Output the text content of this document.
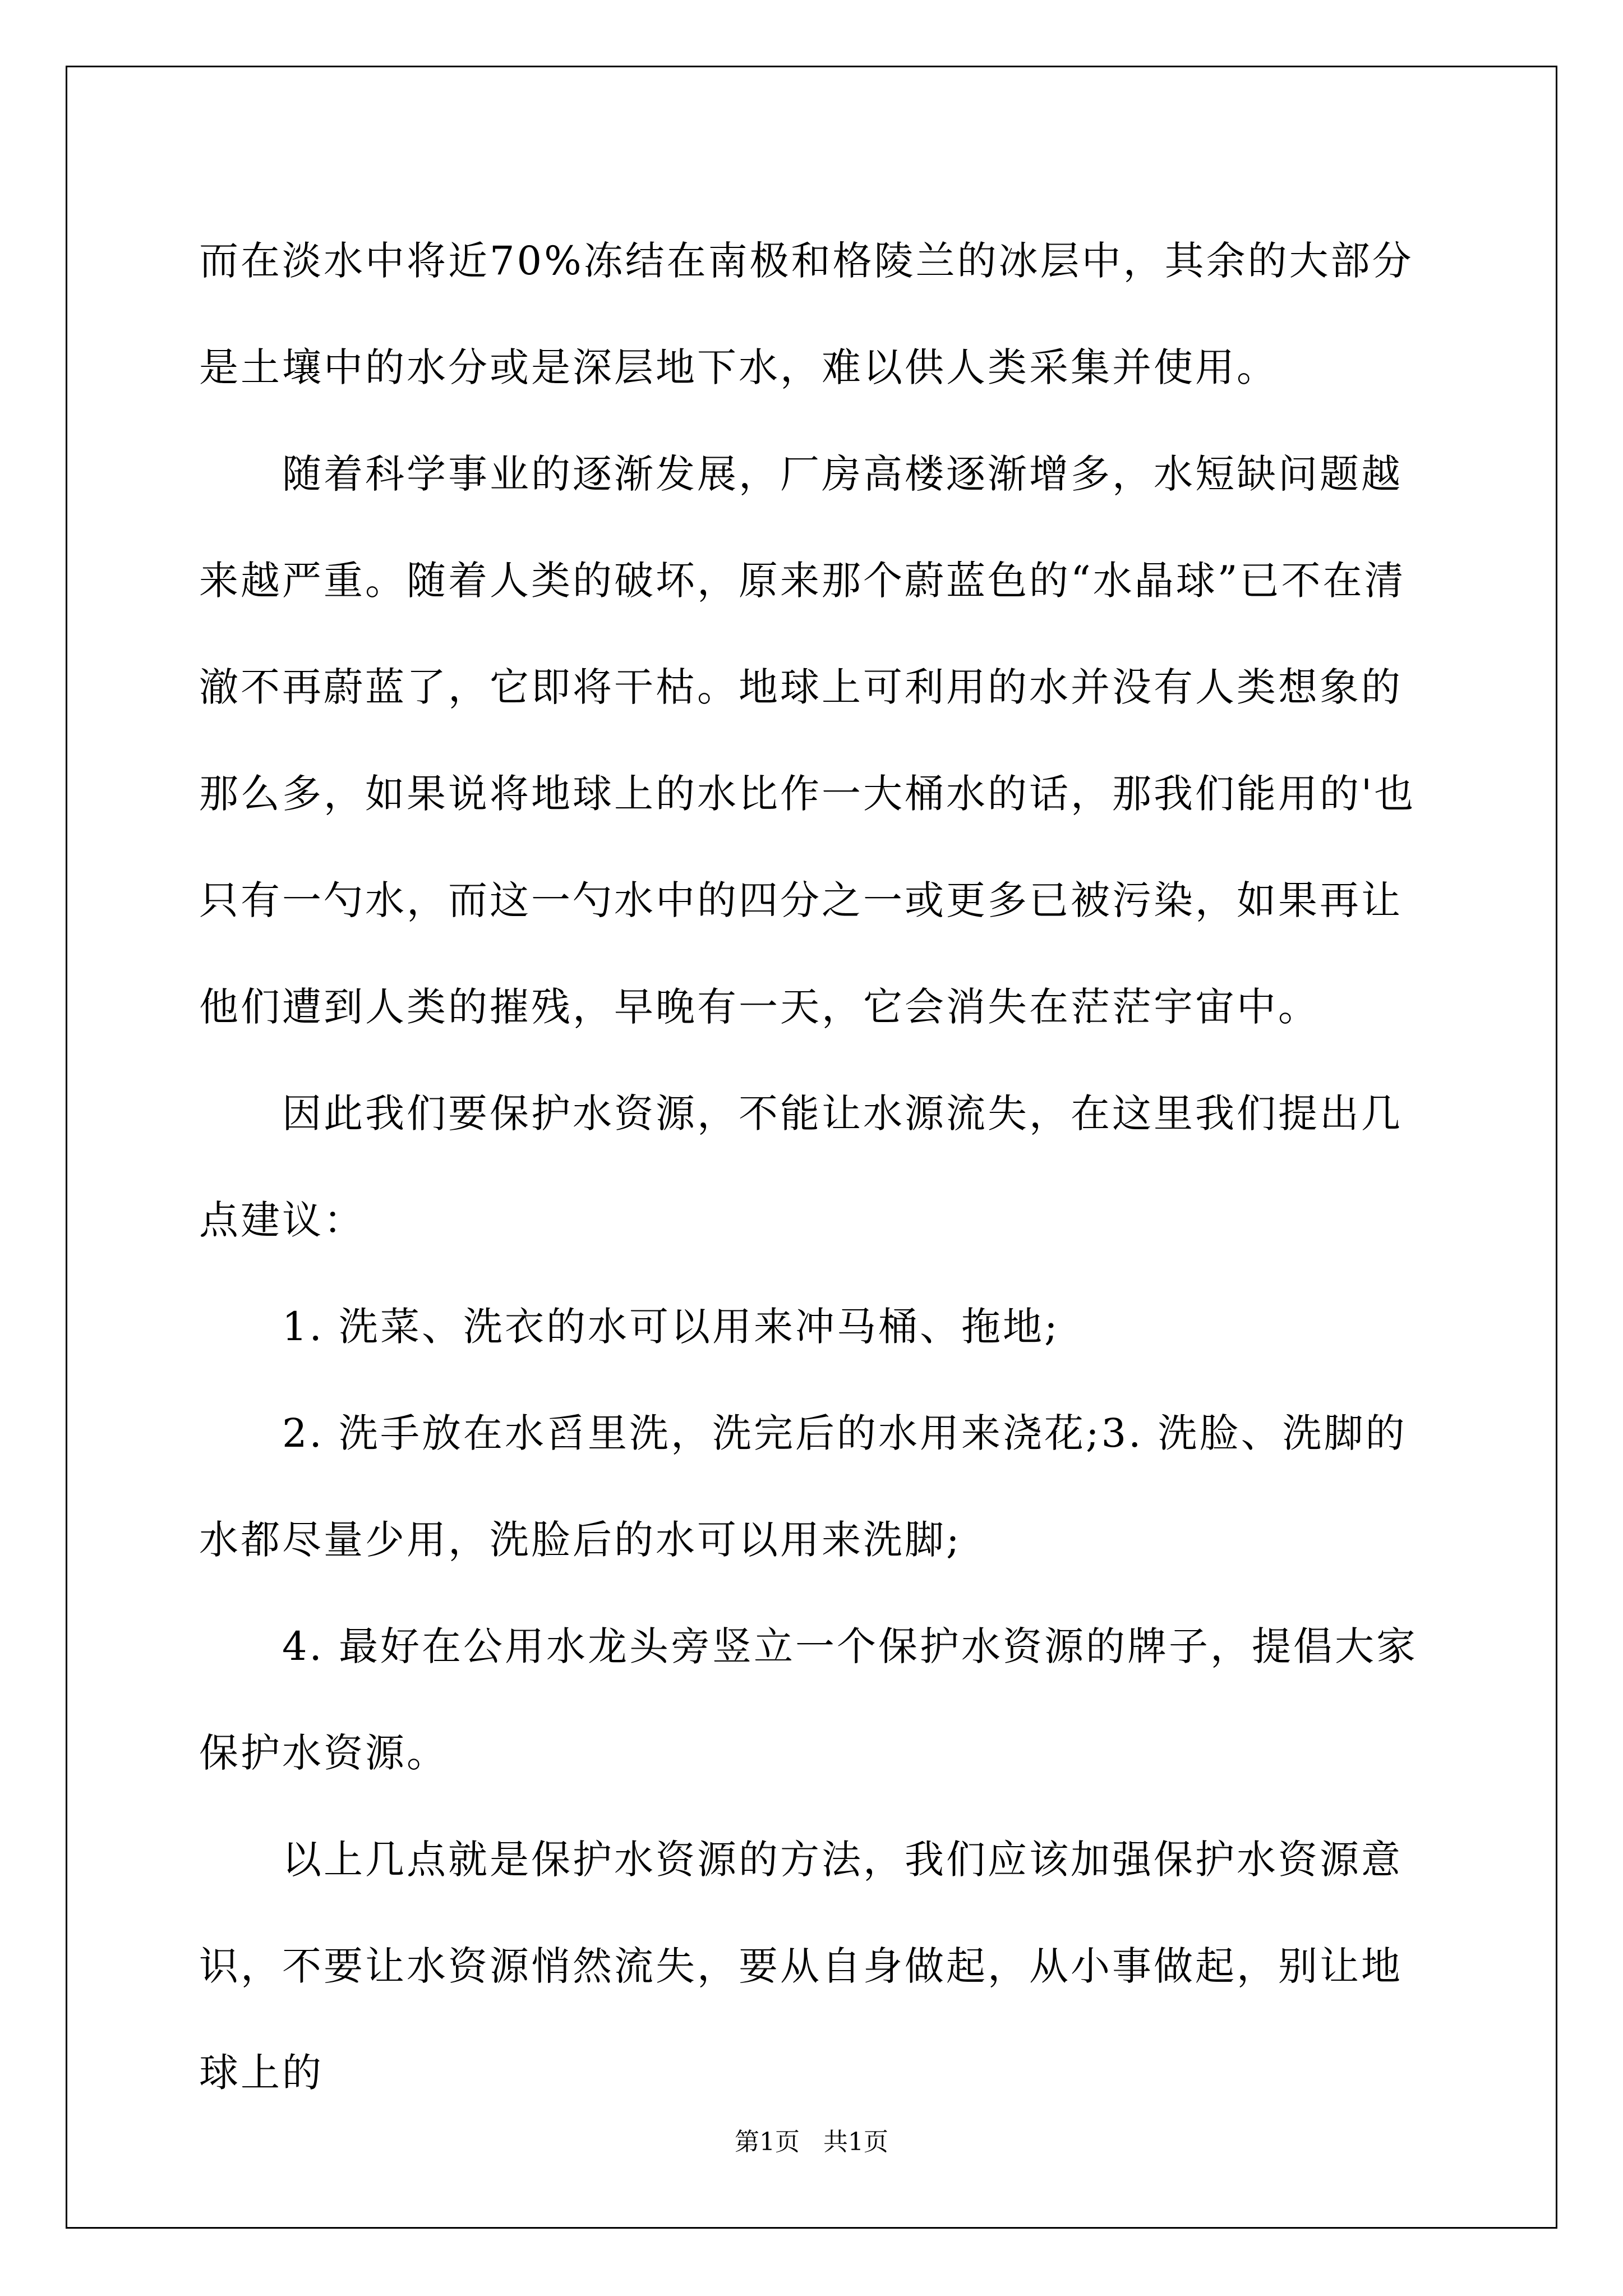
而在淡水中将近70%冻结在南极和格陵兰的冰层中，其余的大部分是土壤中的水分或是深层地下水，难以供人类采集并使用。

随着科学事业的逐渐发展，厂房高楼逐渐增多，水短缺问题越来越严重。随着人类的破坏，原来那个蔚蓝色的“水晶球”已不在清澈不再蔚蓝了，它即将干枯。地球上可利用的水并没有人类想象的那么多，如果说将地球上的水比作一大桶水的话，那我们能用的'也只有一勺水，而这一勺水中的四分之一或更多已被污染，如果再让他们遭到人类的摧残，早晚有一天，它会消失在茫茫宇宙中。

因此我们要保护水资源，不能让水源流失，在这里我们提出几点建议：

1. 洗菜、洗衣的水可以用来冲马桶、拖地;

2. 洗手放在水舀里洗，洗完后的水用来浇花;3. 洗脸、洗脚的水都尽量少用，洗脸后的水可以用来洗脚;

4. 最好在公用水龙头旁竖立一个保护水资源的牌子，提倡大家保护水资源。

以上几点就是保护水资源的方法，我们应该加强保护水资源意识，不要让水资源悄然流失，要从自身做起，从小事做起，别让地球上的

第1页 共1页
